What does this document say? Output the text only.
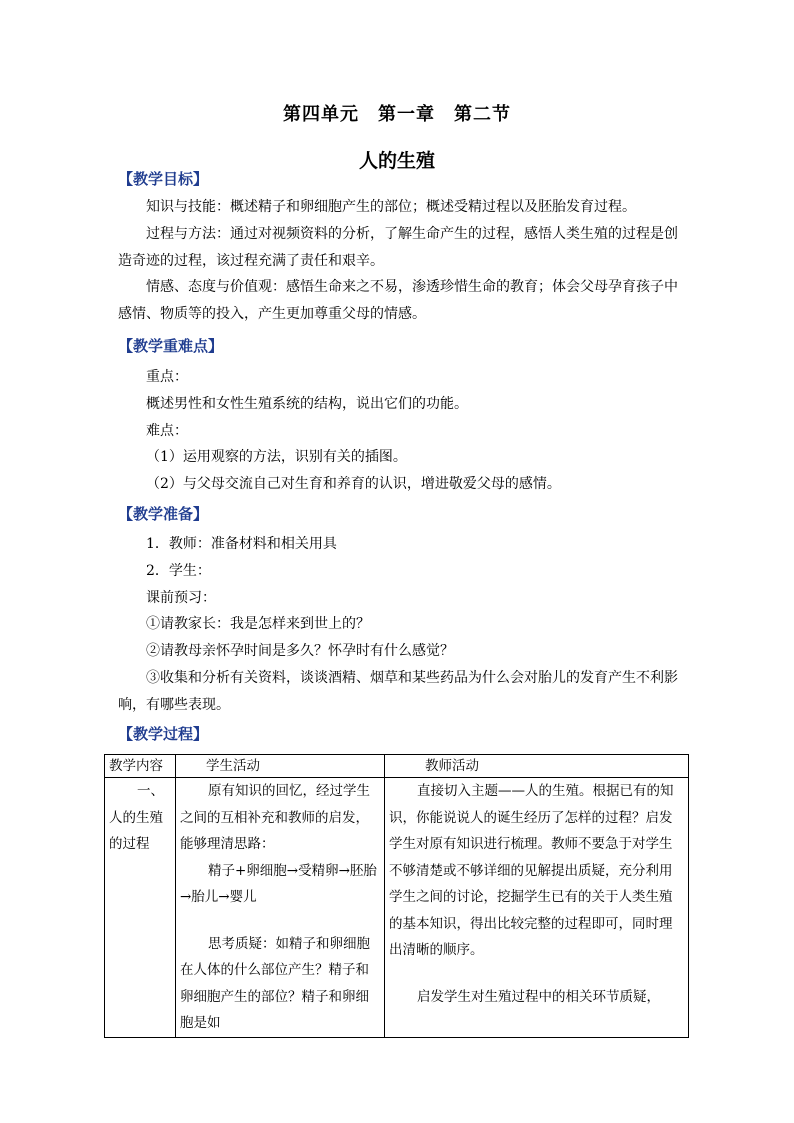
第四单元　第一章　第二节
人的生殖
【教学目标】
知识与技能：概述精子和卵细胞产生的部位；概述受精过程以及胚胎发育过程。
过程与方法：通过对视频资料的分析，了解生命产生的过程，感悟人类生殖的过程是创造奇迹的过程，该过程充满了责任和艰辛。
情感、态度与价值观：感悟生命来之不易，渗透珍惜生命的教育；体会父母孕育孩子中感情、物质等的投入，产生更加尊重父母的情感。
【教学重难点】
重点：
概述男性和女性生殖系统的结构，说出它们的功能。
难点：
（1）运用观察的方法，识别有关的插图。
（2）与父母交流自己对生育和养育的认识，增进敬爱父母的感情。
【教学准备】
1．教师：准备材料和相关用具
2．学生：
课前预习：
①请教家长：我是怎样来到世上的？
②请教母亲怀孕时间是多久？怀孕时有什么感觉？
③收集和分析有关资料，谈谈酒精、烟草和某些药品为什么会对胎儿的发育产生不利影响，有哪些表现。
【教学过程】
教学内容	学生活动	教师活动

一、人的生殖的过程	原有知识的回忆，经过学生之间的互相补充和教师的启发，能够理清思路：
精子+卵细胞→受精卵→胚胎→胎儿→婴儿
思考质疑：如精子和卵细胞在人体的什么部位产生？精子和卵细胞产生的部位？精子和卵细胞是如	直接切入主题——人的生殖。根据已有的知识，你能说说人的诞生经历了怎样的过程？启发学生对原有知识进行梳理。教师不要急于对学生不够清楚或不够详细的见解提出质疑，充分利用学生之间的讨论，挖掘学生已有的关于人类生殖的基本知识，得出比较完整的过程即可，同时理出清晰的顺序。
启发学生对生殖过程中的相关环节质疑，
